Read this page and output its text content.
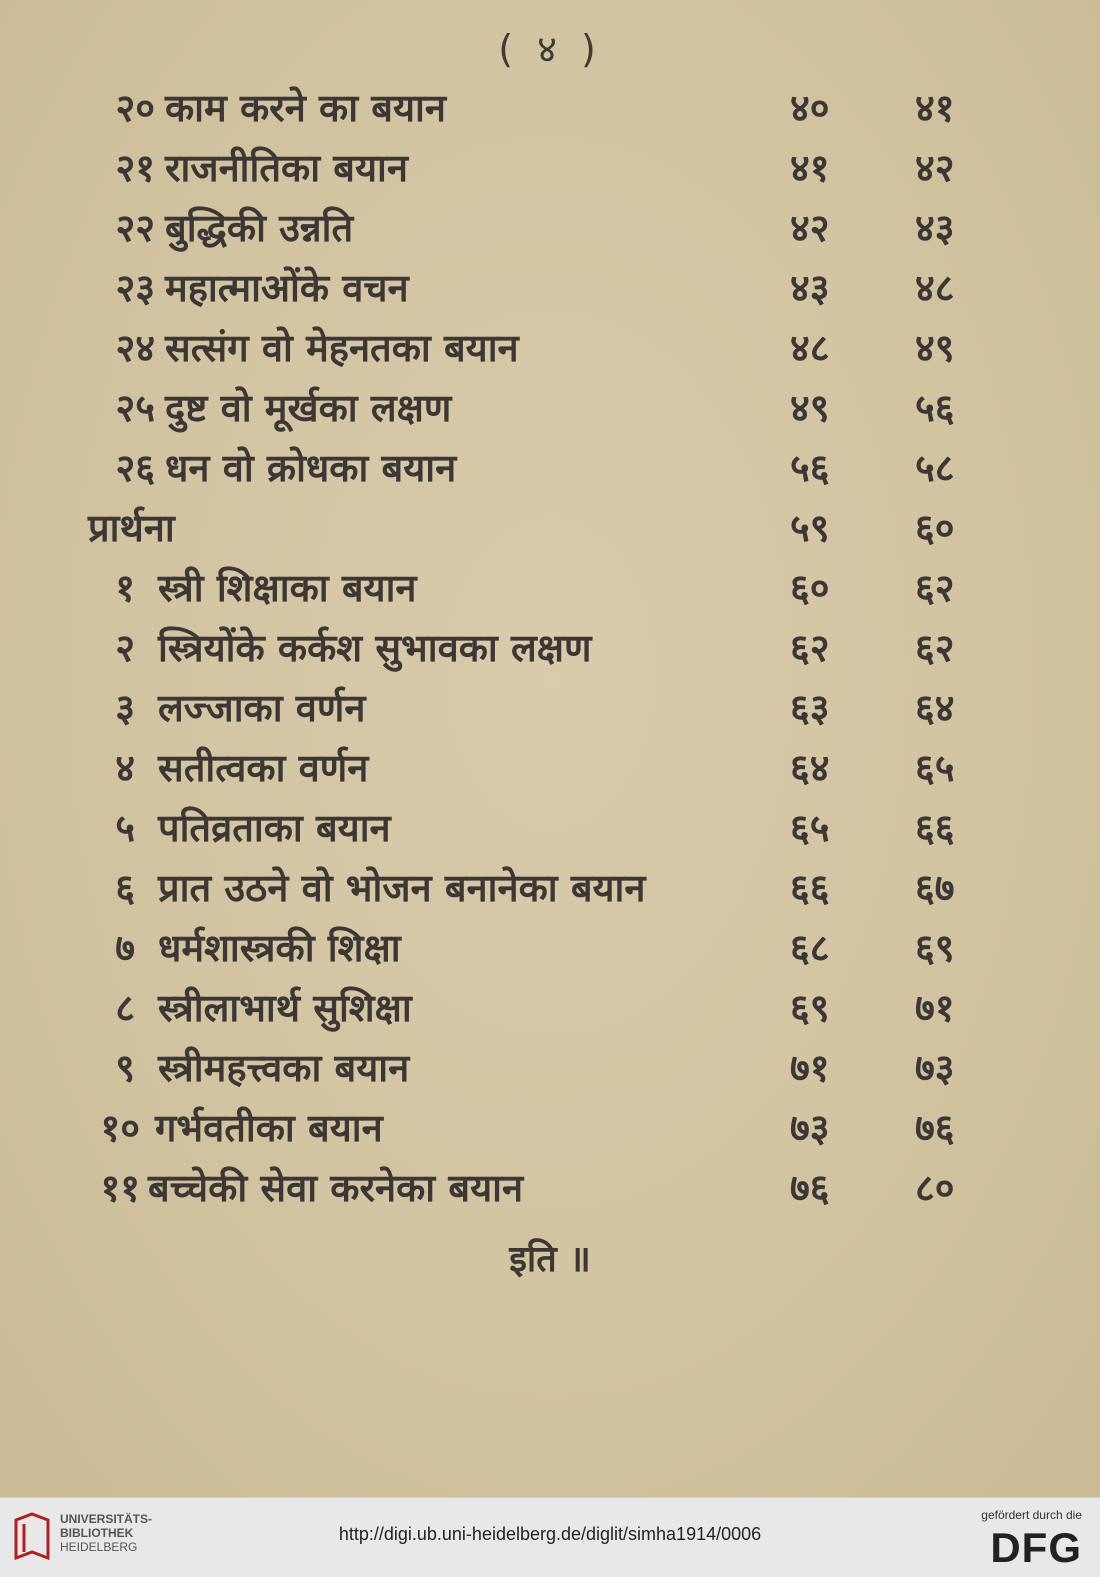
( ४ )
२० काम करने का बयान	४०	४१
२१ राजनीतिका बयान	४१	४२
२२ बुद्धिकी उन्नति	४२	४३
२३ महात्माओंके वचन	४३	४८
२४ सत्संग वो मेहनतका बयान	४८	४९
२५ दुष्ट वो मूर्खका लक्षण	४९	५६
२६ धन वो क्रोधका बयान	५६	५८
प्रार्थना	५९	६०
१ स्त्री शिक्षाका बयान	६०	६२
२ स्त्रियोंके कर्कश सुभावका लक्षण	६२	६२
३ लज्जाका वर्णन	६३	६४
४ सतीत्वका वर्णन	६४	६५
५ पतिव्रताका बयान	६५	६६
६ प्रात उठने वो भोजन बनानेका बयान	६६	६७
७ धर्मशास्त्रकी शिक्षा	६८	६९
८ स्त्रीलाभार्थ सुशिक्षा	६९	७१
९ स्त्रीमहत्त्वका बयान	७१	७३
१० गर्भवतीका बयान	७३	७६
११ बच्चेकी सेवा करनेका बयान	७६	८०
इति ॥
UNIVERSITÄTS-
BIBLIOTHEK
HEIDELBERG
http://digi.ub.uni-heidelberg.de/diglit/simha1914/0006
gefördert durch die
DFG
